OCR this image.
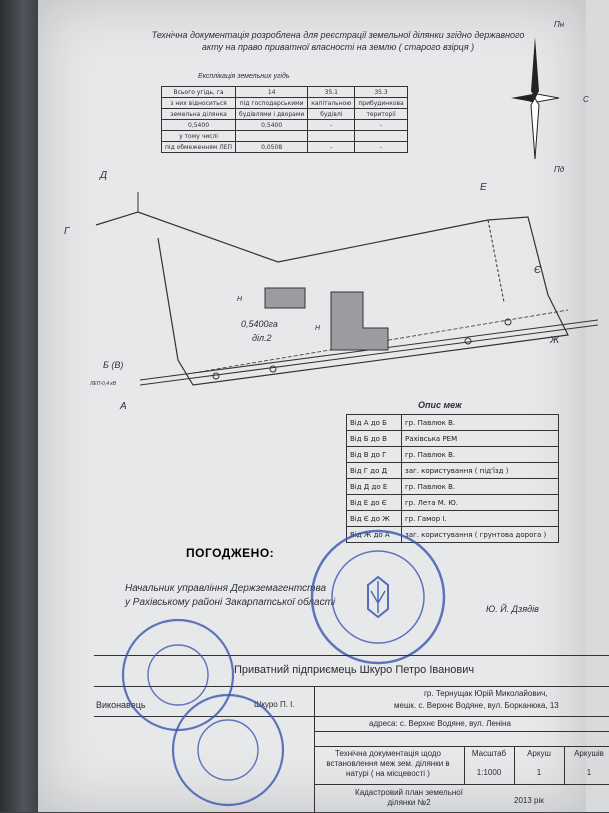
Технічна документація розроблена для реєстрації земельної ділянки згідно державного акту на право приватної власності на землю ( старого взірця )
Пн
Пд
С
Експлікація земельних угідь
Всього угідь, га	14	35.1	35.3
з них відноситься	під господарськими	капітальною	прибудинкова
земельна ділянка	будівлями і дворами	будівлі	території
0,5400	0,5400	-	-
у тому числі			
під обмеженням ЛЕП	0,0508	-	-
0,5400га
діл.2
Н
Н
А
Б (В)
Г
Д
Е
Є
Ж
ЛЕП-0,4 кВ
Опис меж
Від А до Б	гр. Павлюк В.
Від Б до В	Рахівська РЕМ
Від В до Г	гр. Павлюк В.
Від Г до Д	заг. користування ( під'їзд )
Від Д до Е	гр. Павлюк В.
Від Е до Є	гр. Лета М. Ю.
Від Є до Ж	гр. Гамор І.
Від Ж до А	заг. користування ( грунтова дорога )
ПОГОДЖЕНО:
Начальник управління Держземагентства
у Рахівському районі Закарпатської області
Ю. Й. Дзядів
Приватний підприємець Шкуро Петро Іванович
гр. Тернущак Юрій Миколайович,
мешк. с. Верхнє Водяне, вул. Борканюка, 13
Виконавець	Шкуро П. І.
адреса: с. Верхнє Водяне, вул. Леніна
Технічна документація щодо встановлення меж зем. ділянки в натурі ( на місцевості )
Масштаб	Аркуш	Аркушів
1:1000	1	1
Кадастровий план земельної ділянки №2	2013 рік
